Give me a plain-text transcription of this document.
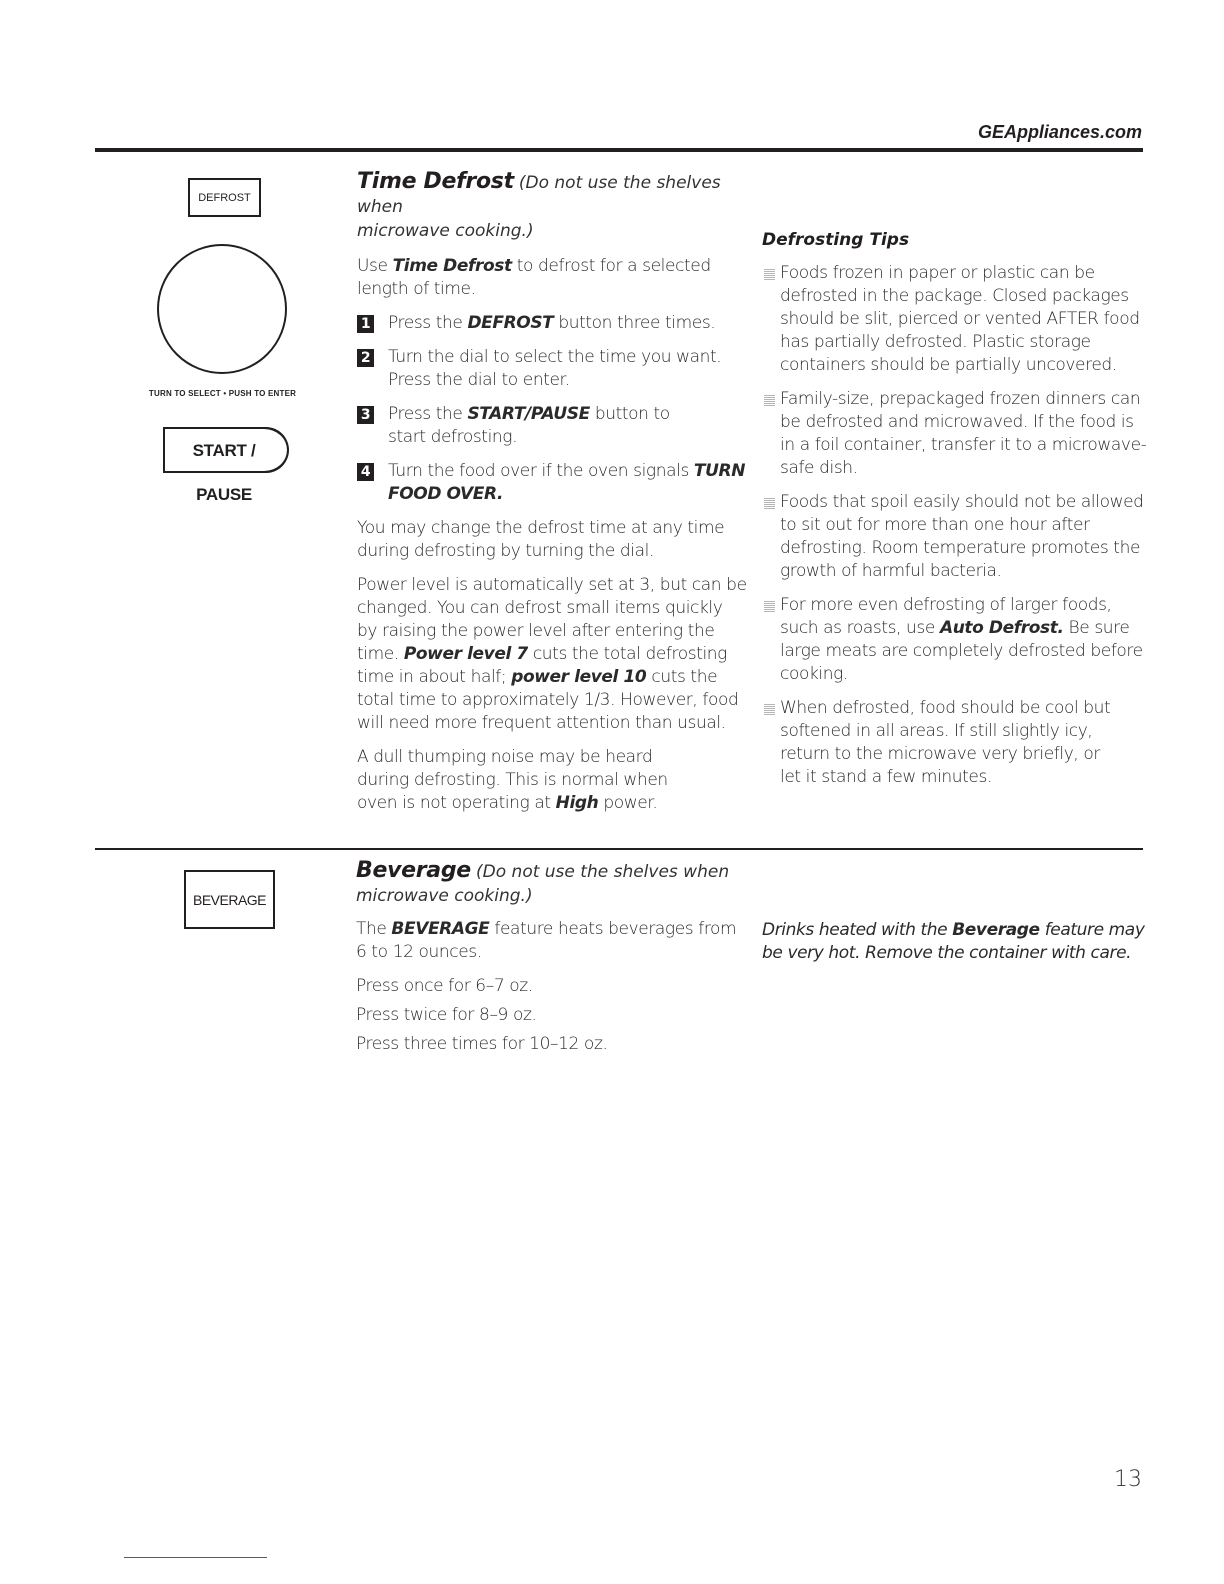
GEAppliances.com
DEFROST
TURN TO SELECT • PUSH TO ENTER
START / PAUSE
Time Defrost (Do not use the shelves when
microwave cooking.)

Use Time Defrost to defrost for a selected length of time.

1 Press the DEFROST button three times.

2 Turn the dial to select the time you want. Press the dial to enter.

3 Press the START/PAUSE button to start defrosting.

4 Turn the food over if the oven signals TURN FOOD OVER.

You may change the defrost time at any time during defrosting by turning the dial.

Power level is automatically set at 3, but can be changed. You can defrost small items quickly by raising the power level after entering the time. Power level 7 cuts the total defrosting time in about half; power level 10 cuts the total time to approximately 1/3. However, food will need more frequent attention than usual.

A dull thumping noise may be heard during defrosting. This is normal when oven is not operating at High power.

Defrosting Tips

Foods frozen in paper or plastic can be defrosted in the package. Closed packages should be slit, pierced or vented AFTER food has partially defrosted. Plastic storage containers should be partially uncovered.

Family-size, prepackaged frozen dinners can be defrosted and microwaved. If the food is in a foil container, transfer it to a microwave-safe dish.

Foods that spoil easily should not be allowed to sit out for more than one hour after defrosting. Room temperature promotes the growth of harmful bacteria.

For more even defrosting of larger foods, such as roasts, use Auto Defrost. Be sure large meats are completely defrosted before cooking.

When defrosted, food should be cool but softened in all areas. If still slightly icy, return to the microwave very briefly, or let it stand a few minutes.

BEVERAGE
Beverage (Do not use the shelves when
microwave cooking.)

The BEVERAGE feature heats beverages from 6 to 12 ounces.

Press once for 6–7 oz.

Press twice for 8–9 oz.

Press three times for 10–12 oz.

Drinks heated with the Beverage feature may be very hot. Remove the container with care.
13
